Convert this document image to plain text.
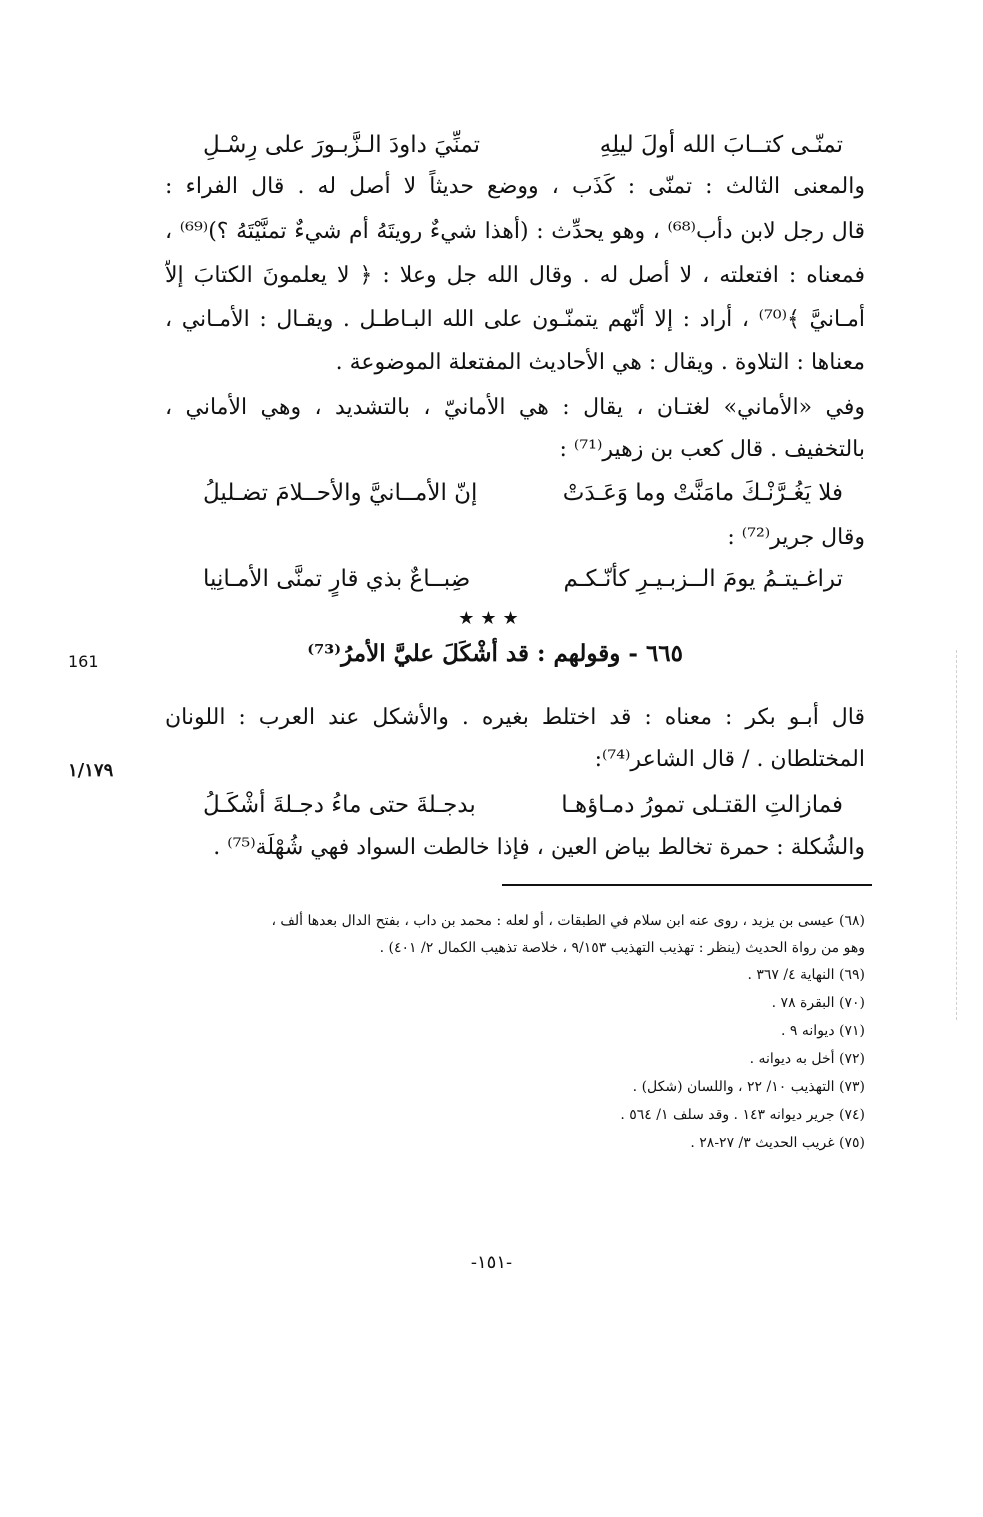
تمنّـى كتــابَ الله أولَ ليلِهِ
تمنِّيَ داودَ الـزَّبـورَ على رِسْـلِ
والمعنى الثالث : تمنّى : كَذَب ، ووضع حديثاً لا أصل له . قال الفراء :
قال رجل لابن دأب⁽⁶⁸⁾ ، وهو يحدِّث : (أهذا شيءٌ رويتَهُ أم شيءٌ تمنَّيْتَهُ ؟)⁽⁶⁹⁾ ،
فمعناه : افتعلته ، لا أصل له . وقال الله جل وعلا : ﴿ لا يعلمونَ الكتابَ إلاّ
أمـانيَّ ﴾⁽⁷⁰⁾ ، أراد : إلا أنّهم يتمنّـون على الله البـاطـل . ويقـال : الأمـاني ،
معناها : التلاوة . ويقال : هي الأحاديث المفتعلة الموضوعة .
وفي «الأماني» لغتـان ، يقال : هي الأمانيّ ، بالتشديد ، وهي الأماني ،
بالتخفيف . قال كعب بن زهير⁽⁷¹⁾ :
فلا يَغُـرَّنْـكَ مامَنَّتْ وما وَعَـدَتْ
إنّ الأمــانيَّ والأحــلامَ تضـليلُ
وقال جرير⁽⁷²⁾ :
تراغـيتـمُ يومَ الــزبـيـرِ كأنّـكـم
ضِبــاعٌ بذي قارٍ تمنَّى الأمـانِيا
★★★
٦٦٥ - وقولهم : قد أشْكَلَ عليَّ الأمرُ⁽⁷³⁾
161
قال أبـو بكر : معناه : قد اختلط بغيره . والأشكل عند العرب : اللونان
المختلطان . / قال الشاعر⁽⁷⁴⁾:
١/١٧٩
فمازالتِ القتـلى تمورُ دمـاؤهـا
بدجـلةَ حتى ماءُ دجـلةَ أشْكَـلُ
والشُكلة : حمرة تخالط بياض العين ، فإذا خالطت السواد فهي شُهْلَة⁽⁷⁵⁾ .
(٦٨) عيسى بن يزيد ، روى عنه ابن سلام في الطبقات ، أو لعله : محمد بن داب ، بفتح الدال بعدها ألف ،
وهو من رواة الحديث (ينظر : تهذيب التهذيب ٩/١٥٣ ، خلاصة تذهيب الكمال ٢/ ٤٠١) .
(٦٩) النهاية ٤/ ٣٦٧ .
(٧٠) البقرة ٧٨ .
(٧١) ديوانه ٩ .
(٧٢) أخل به ديوانه .
(٧٣) التهذيب ١٠/ ٢٢ ، واللسان (شكل) .
(٧٤) جرير ديوانه ١٤٣ . وقد سلف ١/ ٥٦٤ .
(٧٥) غريب الحديث ٣/ ٢٧-٢٨ .
-١٥١-
